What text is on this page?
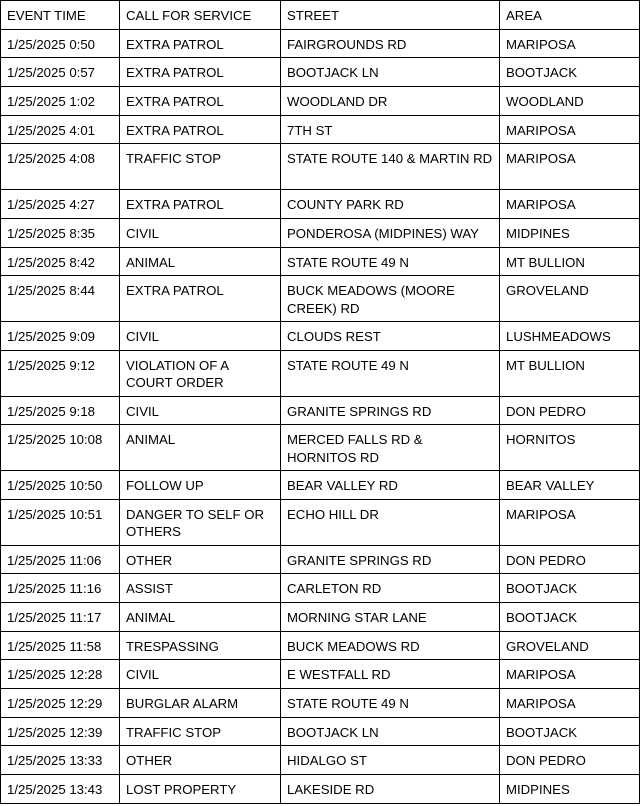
EVENT TIME	CALL FOR SERVICE	STREET	AREA
1/25/2025 0:50	EXTRA PATROL	FAIRGROUNDS RD	MARIPOSA
1/25/2025 0:57	EXTRA PATROL	BOOTJACK LN	BOOTJACK
1/25/2025 1:02	EXTRA PATROL	WOODLAND DR	WOODLAND
1/25/2025 4:01	EXTRA PATROL	7TH ST	MARIPOSA
1/25/2025 4:08	TRAFFIC STOP	STATE ROUTE 140 & MARTIN RD	MARIPOSA
1/25/2025 4:27	EXTRA PATROL	COUNTY PARK RD	MARIPOSA
1/25/2025 8:35	CIVIL	PONDEROSA (MIDPINES) WAY	MIDPINES
1/25/2025 8:42	ANIMAL	STATE ROUTE 49 N	MT BULLION
1/25/2025 8:44	EXTRA PATROL	BUCK MEADOWS (MOORE CREEK) RD	GROVELAND
1/25/2025 9:09	CIVIL	CLOUDS REST	LUSHMEADOWS
1/25/2025 9:12	VIOLATION OF A COURT ORDER	STATE ROUTE 49 N	MT BULLION
1/25/2025 9:18	CIVIL	GRANITE SPRINGS RD	DON PEDRO
1/25/2025 10:08	ANIMAL	MERCED FALLS RD & HORNITOS RD	HORNITOS
1/25/2025 10:50	FOLLOW UP	BEAR VALLEY RD	BEAR VALLEY
1/25/2025 10:51	DANGER TO SELF OR OTHERS	ECHO HILL DR	MARIPOSA
1/25/2025 11:06	OTHER	GRANITE SPRINGS RD	DON PEDRO
1/25/2025 11:16	ASSIST	CARLETON RD	BOOTJACK
1/25/2025 11:17	ANIMAL	MORNING STAR LANE	BOOTJACK
1/25/2025 11:58	TRESPASSING	BUCK MEADOWS RD	GROVELAND
1/25/2025 12:28	CIVIL	E WESTFALL RD	MARIPOSA
1/25/2025 12:29	BURGLAR ALARM	STATE ROUTE 49 N	MARIPOSA
1/25/2025 12:39	TRAFFIC STOP	BOOTJACK LN	BOOTJACK
1/25/2025 13:33	OTHER	HIDALGO ST	DON PEDRO
1/25/2025 13:43	LOST PROPERTY	LAKESIDE RD	MIDPINES
